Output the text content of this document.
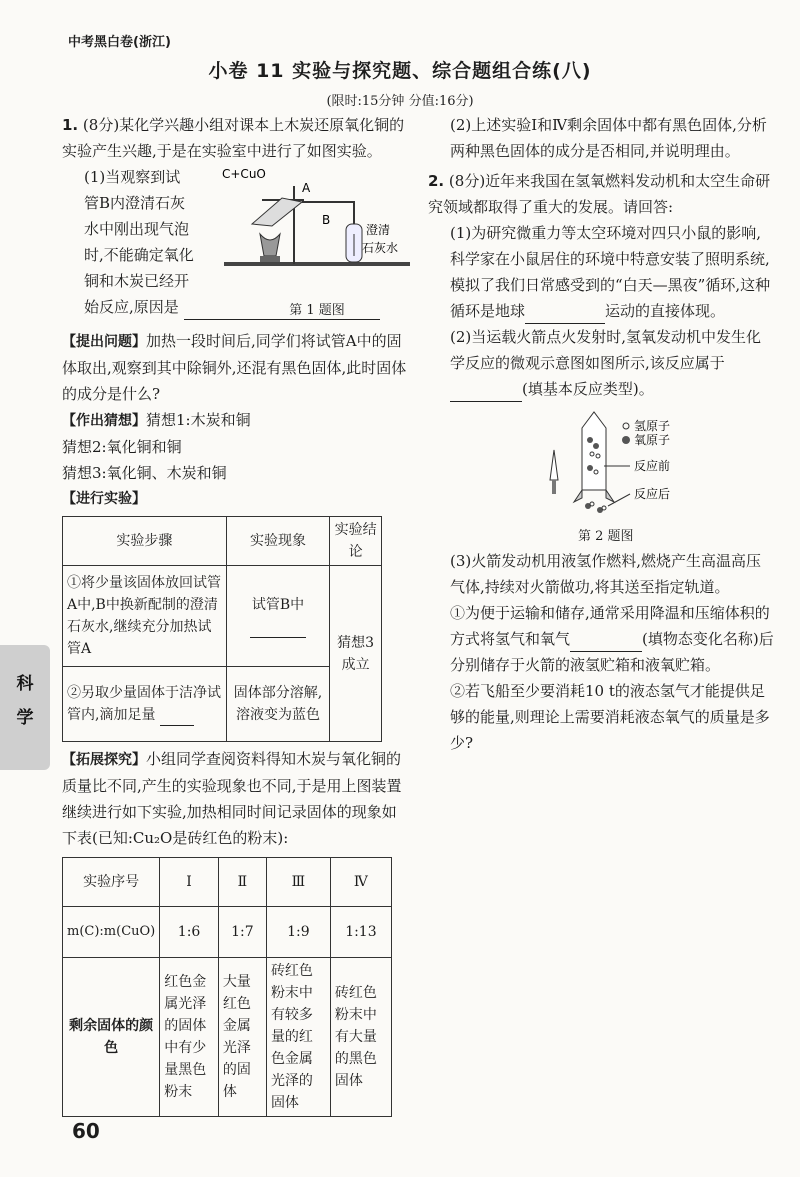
中考黑白卷(浙江)
小卷 11 实验与探究题、综合题组合练(八)
(限时:15分钟 分值:16分)

1. (8分)某化学兴趣小组对课本上木炭还原氧化铜的实验产生兴趣,于是在实验室中进行了如图实验。

(1)当观察到试
管B内澄清石灰
水中刚出现气泡
时,不能确定氧化
铜和木炭已经开
C+CuO
A
B
澄清
石灰水
第 1 题图
始反应,原因是

【提出问题】加热一段时间后,同学们将试管A中的固体取出,观察到其中除铜外,还混有黑色固体,此时固体的成分是什么?

【作出猜想】猜想1:木炭和铜

猜想2:氧化铜和铜

猜想3:氧化铜、木炭和铜

【进行实验】

实验步骤	实验现象	实验结论
①将少量该固体放回试管A中,B中换新配制的澄清石灰水,继续充分加热试管A	试管B中	猜想3成立
②另取少量固体于洁净试管内,滴加足量	固体部分溶解,溶液变为蓝色	

【拓展探究】小组同学查阅资料得知木炭与氧化铜的质量比不同,产生的实验现象也不同,于是用上图装置继续进行如下实验,加热相同时间记录固体的现象如下表(已知:Cu₂O是砖红色的粉末):

实验序号	Ⅰ	Ⅱ	Ⅲ	Ⅳ
m(C):m(CuO)	1:6	1:7	1:9	1:13
剩余固体的颜色	红色金属光泽的固体中有少量黑色粉末	大量红色金属光泽的固体	砖红色粉末中有较多量的红色金属光泽的固体	砖红色粉末中有大量的黑色固体

(2)上述实验Ⅰ和Ⅳ剩余固体中都有黑色固体,分析两种黑色固体的成分是否相同,并说明理由。

2. (8分)近年来我国在氢氧燃料发动机和太空生命研究领域都取得了重大的发展。请回答:

(1)为研究微重力等太空环境对四只小鼠的影响,科学家在小鼠居住的环境中特意安装了照明系统,模拟了我们日常感受到的“白天—黑夜”循环,这种循环是地球	运动的直接体现。

(2)当运载火箭点火发射时,氢氧发动机中发生化学反应的微观示意图如图所示,该反应属于(填基本反应类型)。

氢原子
氧原子
反应前
反应后
第 2 题图

(3)火箭发动机用液氢作燃料,燃烧产生高温高压气体,持续对火箭做功,将其送至指定轨道。

①为便于运输和储存,通常采用降温和压缩体积的方式将氢气和氧气	(填物态变化名称)后分别储存于火箭的液氢贮箱和液氧贮箱。

②若飞船至少要消耗10 t的液态氢气才能提供足够的能量,则理论上需要消耗液态氧气的质量是多少?

科
学
60
